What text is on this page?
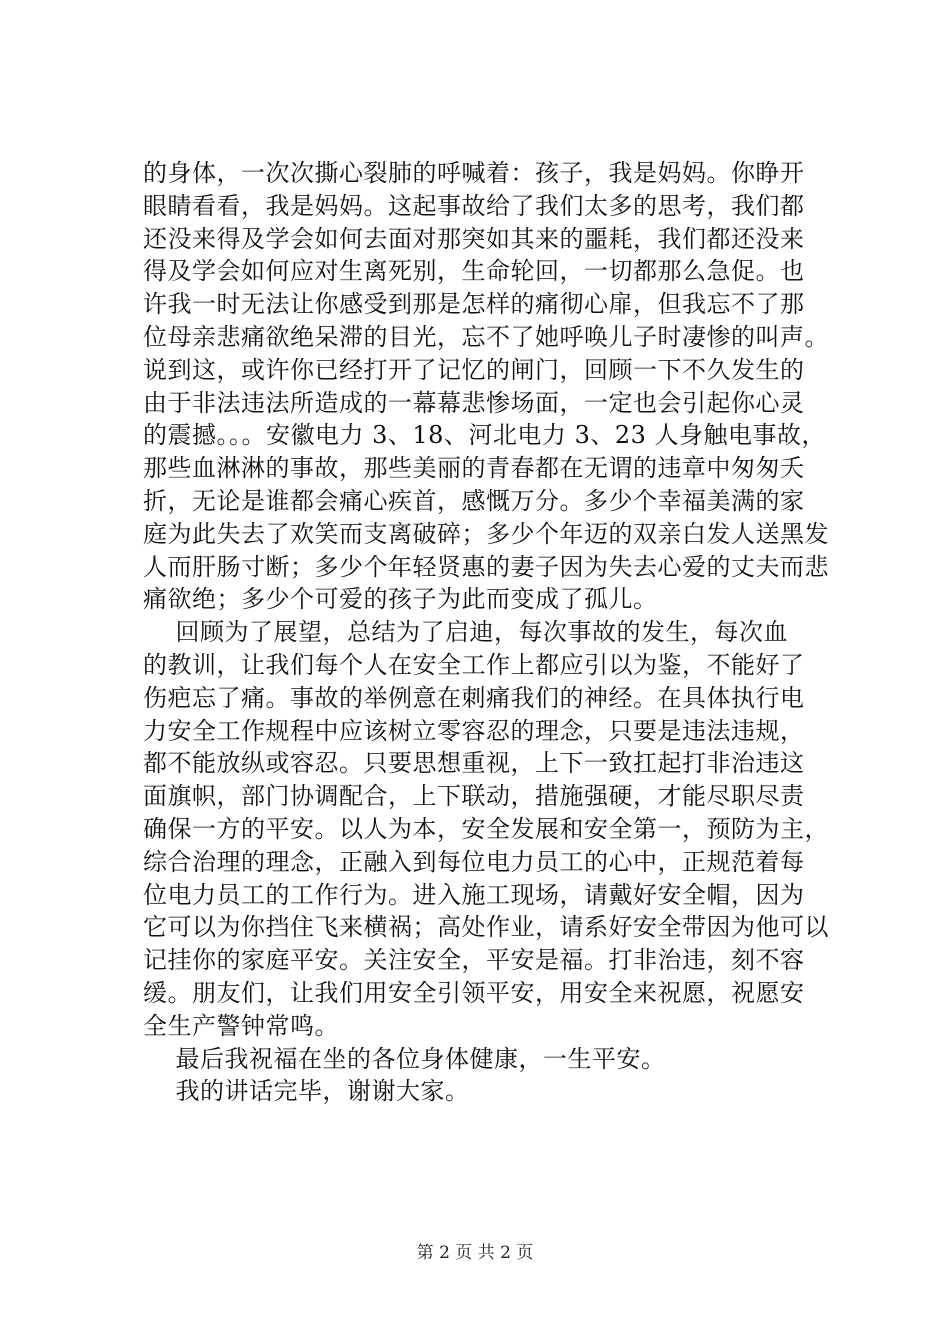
的身体，一次次撕心裂肺的呼喊着：孩子，我是妈妈。你睁开
眼睛看看，我是妈妈。这起事故给了我们太多的思考，我们都
还没来得及学会如何去面对那突如其来的噩耗，我们都还没来
得及学会如何应对生离死别，生命轮回，一切都那么急促。也
许我一时无法让你感受到那是怎样的痛彻心扉，但我忘不了那
位母亲悲痛欲绝呆滞的目光，忘不了她呼唤儿子时凄惨的叫声。
说到这，或许你已经打开了记忆的闸门，回顾一下不久发生的
由于非法违法所造成的一幕幕悲惨场面，一定也会引起你心灵
的震撼。。。安徽电力 3、18、河北电力 3、23 人身触电事故，
那些血淋淋的事故，那些美丽的青春都在无谓的违章中匆匆夭
折，无论是谁都会痛心疾首，感慨万分。多少个幸福美满的家
庭为此失去了欢笑而支离破碎；多少个年迈的双亲白发人送黑发
人而肝肠寸断；多少个年轻贤惠的妻子因为失去心爱的丈夫而悲
痛欲绝；多少个可爱的孩子为此而变成了孤儿。
回顾为了展望，总结为了启迪，每次事故的发生，每次血
的教训，让我们每个人在安全工作上都应引以为鉴，不能好了
伤疤忘了痛。事故的举例意在刺痛我们的神经。在具体执行电
力安全工作规程中应该树立零容忍的理念，只要是违法违规，
都不能放纵或容忍。只要思想重视，上下一致扛起打非治违这
面旗帜，部门协调配合，上下联动，措施强硬，才能尽职尽责
确保一方的平安。以人为本，安全发展和安全第一，预防为主，
综合治理的理念，正融入到每位电力员工的心中，正规范着每
位电力员工的工作行为。进入施工现场，请戴好安全帽，因为
它可以为你挡住飞来横祸；高处作业，请系好安全带因为他可以
记挂你的家庭平安。关注安全，平安是福。打非治违，刻不容
缓。朋友们，让我们用安全引领平安，用安全来祝愿，祝愿安
全生产警钟常鸣。
最后我祝福在坐的各位身体健康，一生平安。
我的讲话完毕，谢谢大家。
第 2 页 共 2 页
